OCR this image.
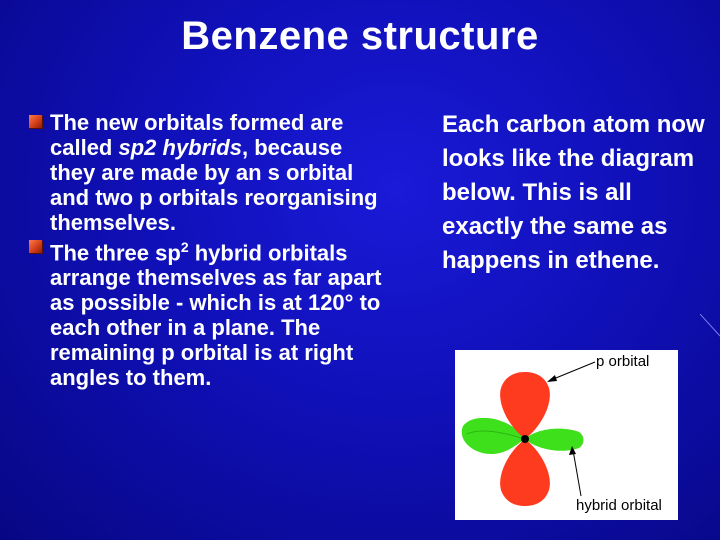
Benzene structure
The new orbitals formed are called sp2 hybrids, because they are made by an s orbital and two p orbitals reorganising themselves.
The three $sp^2$ hybrid orbitals arrange themselves as far apart as possible - which is at 120° to each other in a plane. The remaining p orbital is at right angles to them.
Each carbon atom now looks like the diagram below. This is all exactly the same as happens in ethene.
p orbital
hybrid orbital
